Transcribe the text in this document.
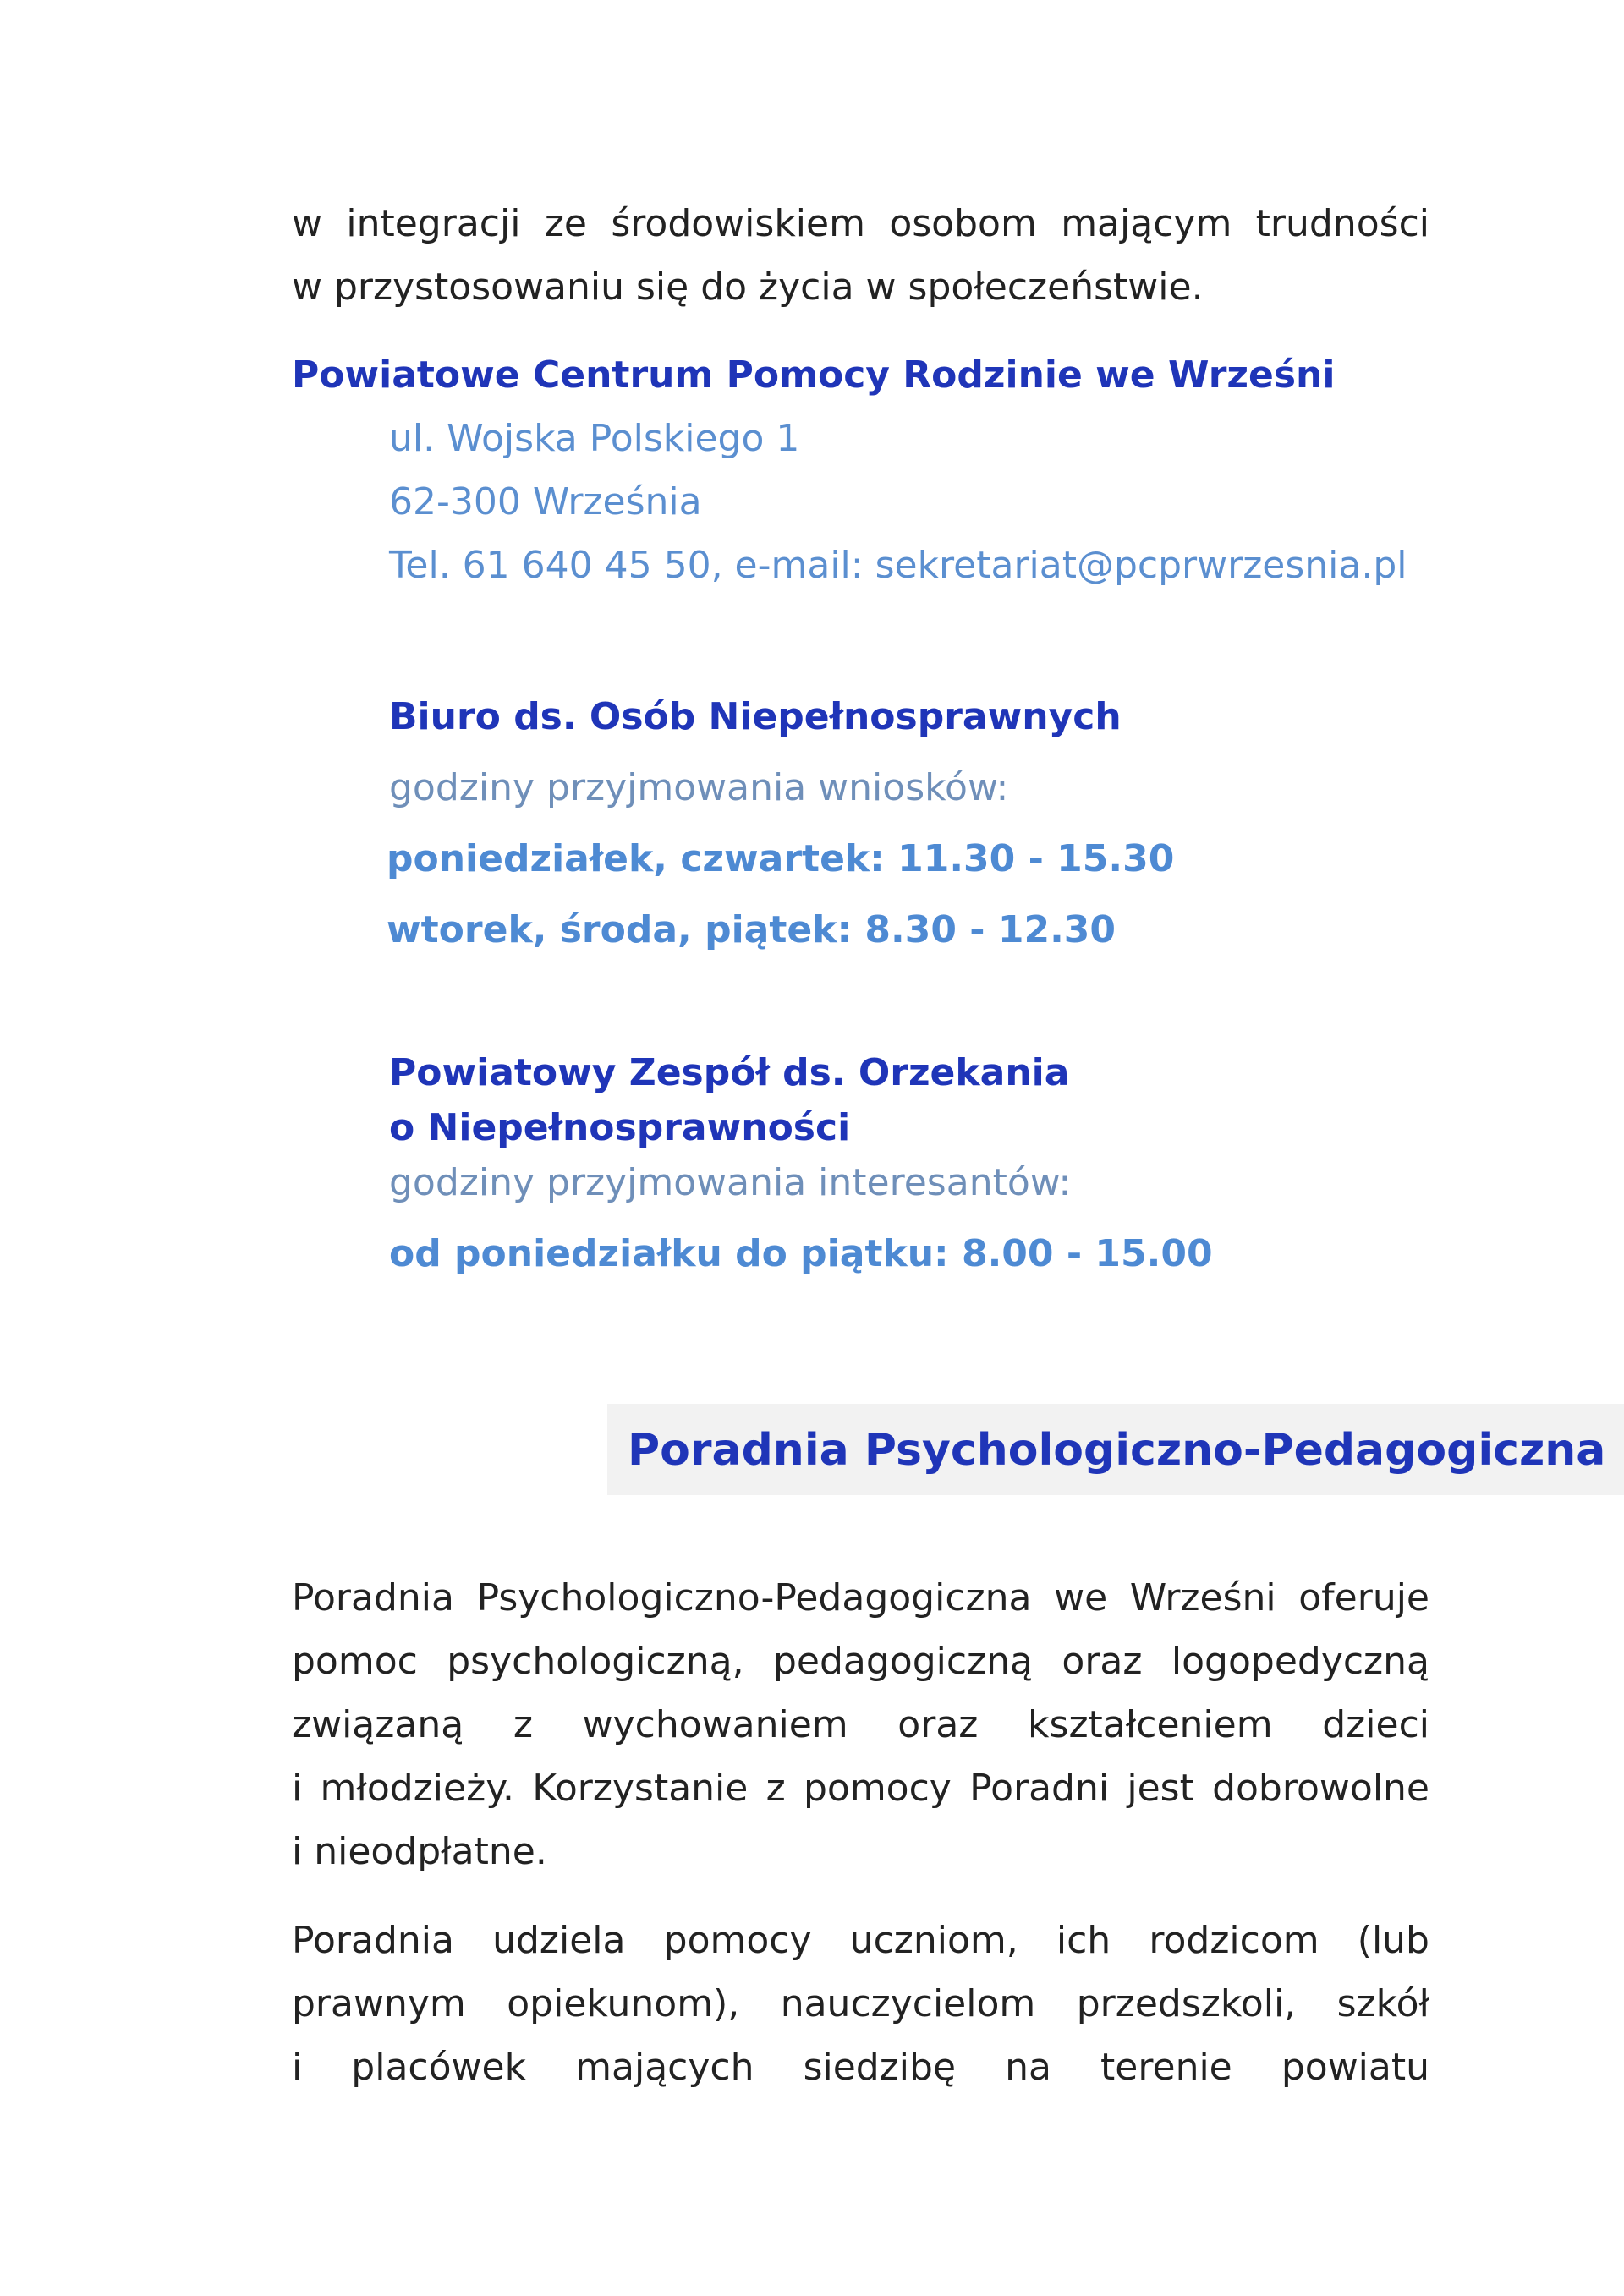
w integracji ze środowiskiem osobom mającym trudności
w przystosowaniu się do życia w społeczeństwie.
Powiatowe Centrum Pomocy Rodzinie we Wrześni
ul. Wojska Polskiego 1
62-300 Września
Tel. 61 640 45 50, e-mail: sekretariat@pcprwrzesnia.pl
Biuro ds. Osób Niepełnosprawnych
godziny przyjmowania wniosków:
poniedziałek, czwartek: 11.30 - 15.30
wtorek, środa, piątek: 8.30 - 12.30
Powiatowy Zespół ds. Orzekania
o Niepełnosprawności
godziny przyjmowania interesantów:
od poniedziałku do piątku: 8.00 - 15.00
Poradnia Psychologiczno-Pedagogiczna
Poradnia Psychologiczno-Pedagogiczna we Wrześni oferuje
pomoc psychologiczną, pedagogiczną oraz logopedyczną
związaną z wychowaniem oraz kształceniem dzieci
i młodzieży. Korzystanie z pomocy Poradni jest dobrowolne
i nieodpłatne.
Poradnia udziela pomocy uczniom, ich rodzicom (lub
prawnym opiekunom), nauczycielom przedszkoli, szkół
i placówek mających siedzibę na terenie powiatu
